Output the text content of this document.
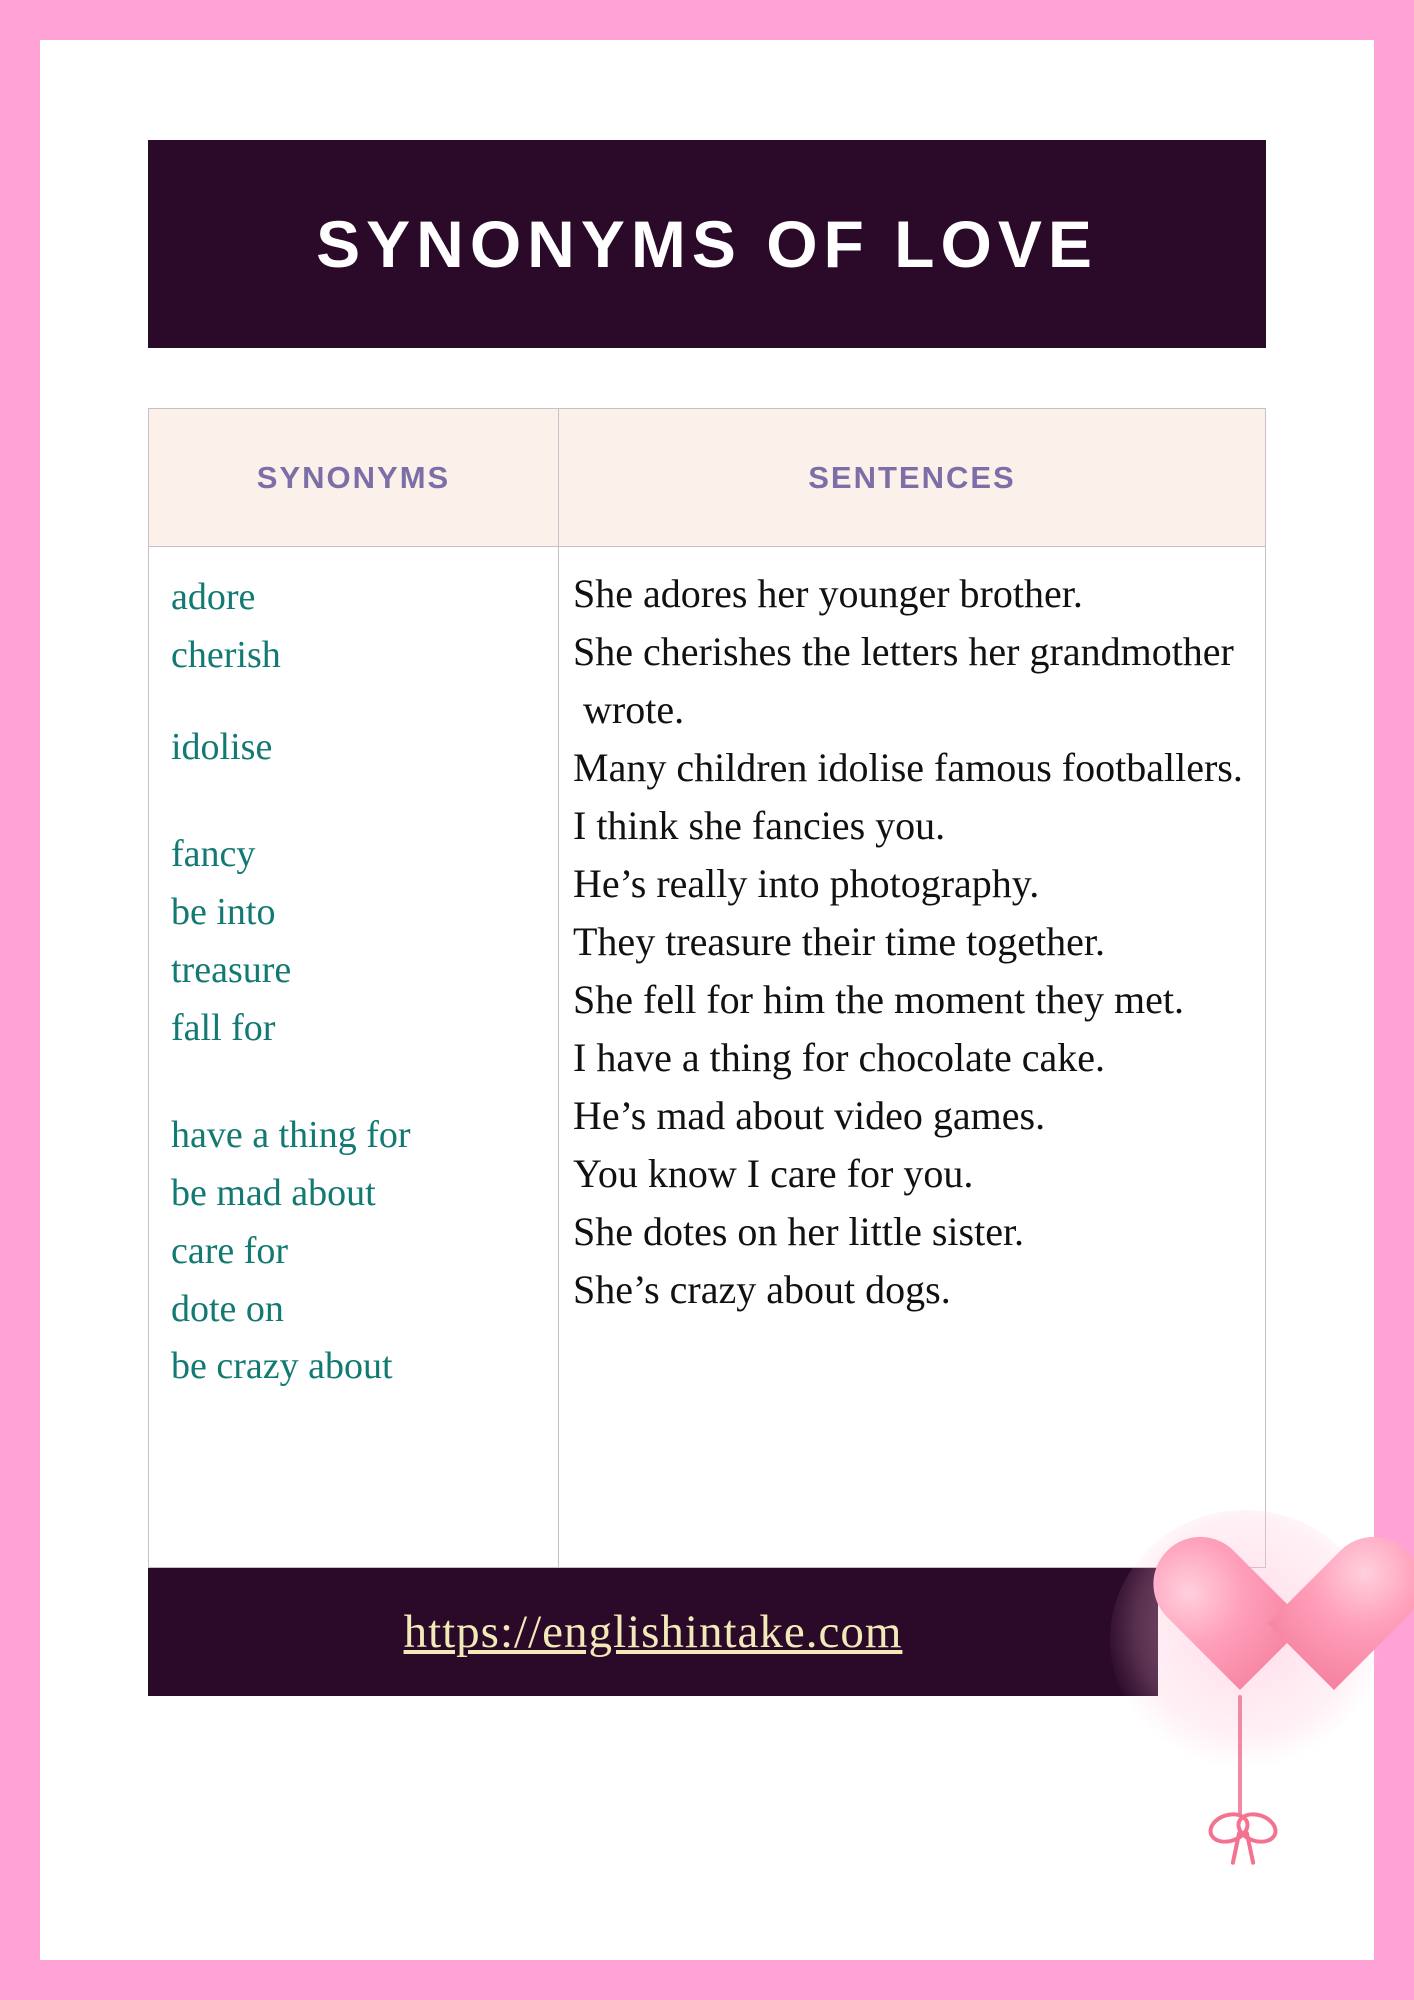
SYNONYMS OF LOVE
SYNONYMS	SENTENCES
adore
cherish
idolise
fancy
be into
treasure
fall for
have a thing for
be mad about
care for
dote on
be crazy about
She adores her younger brother.
She cherishes the letters her grandmother wrote.
Many children idolise famous footballers.
I think she fancies you.
He’s really into photography.
They treasure their time together.
She fell for him the moment they met.
I have a thing for chocolate cake.
He’s mad about video games.
You know I care for you.
She dotes on her little sister.
She’s crazy about dogs.
https://englishintake.com
